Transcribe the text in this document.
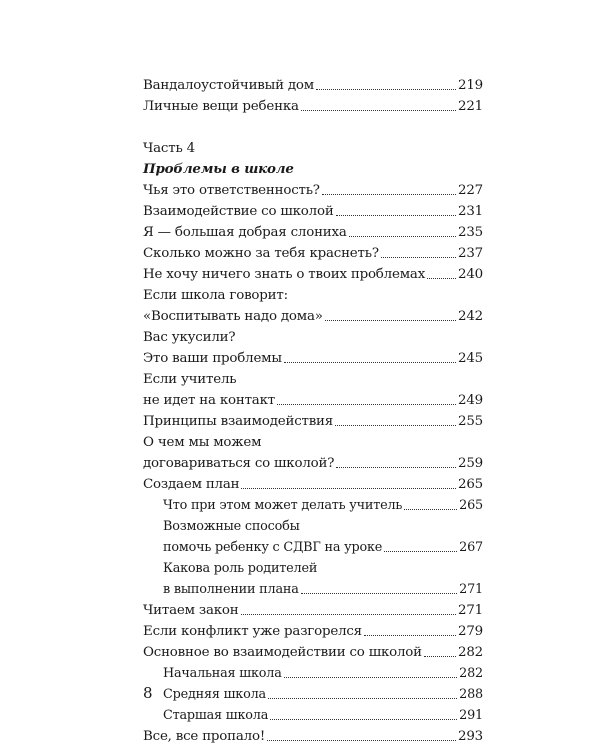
Вандалоустойчивый дом	219
Личные вещи ребенка	221
Часть 4
Проблемы в школе
Чья это ответственность?	227
Взаимодействие со школой	231
Я — большая добрая слониха	235
Сколько можно за тебя краснеть?	237
Не хочу ничего знать о твоих проблемах 240
Если школа говорит:
«Воспитывать надо дома»	242
Вас укусили?
Это ваши проблемы	245
Если учитель
не идет на контакт	249
Принципы взаимодействия	255
О чем мы можем
договариваться со школой?	259
Создаем план	265
Что при этом может делать учитель	265
Возможные способы
помочь ребенку с СДВГ на уроке	267
Какова роль родителей
в выполнении плана	271
Читаем закон	271
Если конфликт уже разгорелся	279
Основное во взаимодействии со школой	282
Начальная школа	282
Средняя школа	288
Старшая школа	291
Все, все пропало!	293
8
